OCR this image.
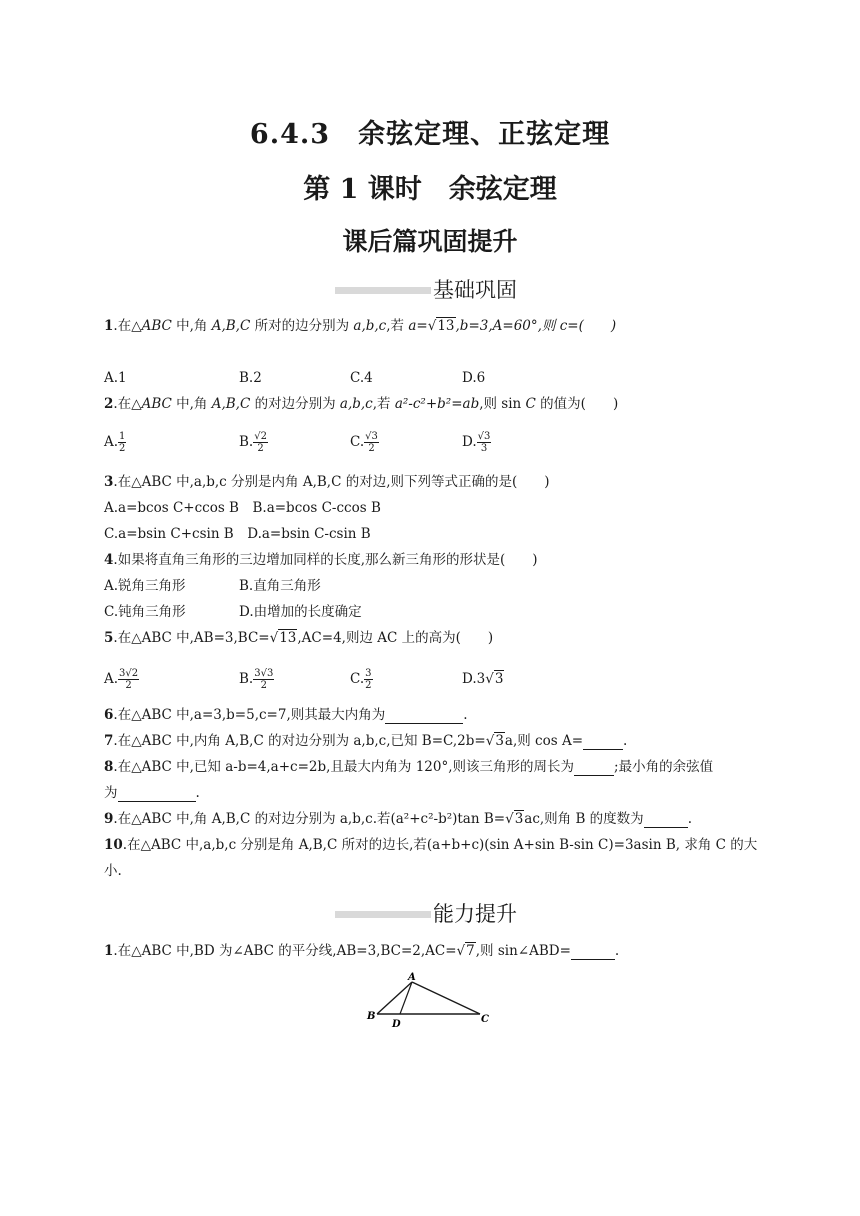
6.4.3　余弦定理、正弦定理
第 1 课时　余弦定理
课后篇巩固提升
基础巩固
1.在△ABC 中,角 A,B,C 所对的边分别为 a,b,c,若 a=√13,b=3,A=60°,则 c=(　　)
A.1	B.2	C.4	D.6
2.在△ABC 中,角 A,B,C 的对边分别为 a,b,c,若 a²-c²+b²=ab,则 sin C 的值为(　　)
A. $\frac{1}{2}$	B. $\frac{√2}{2}$	C. $\frac{√3}{2}$	D. $\frac{√3}{3}$
3.在△ABC 中,a,b,c 分别是内角 A,B,C 的对边,则下列等式正确的是(　　)
A.a=bcos C+ccos B　B.a=bcos C-ccos B
C.a=bsin C+csin B　D.a=bsin C-csin B
4.如果将直角三角形的三边增加同样的长度,那么新三角形的形状是(　　)
A.锐角三角形	B.直角三角形
C.钝角三角形	D.由增加的长度确定
5.在△ABC 中,AB=3,BC=√13,AC=4,则边 AC 上的高为(　　)
A. $\frac{3√2}{2}$	B. $\frac{3√3}{2}$	C. $\frac{3}{2}$	D.3√3
6.在△ABC 中,a=3,b=5,c=7,则其最大内角为	.
7.在△ABC 中,内角 A,B,C 的对边分别为 a,b,c,已知 B=C,2b=√3a,则 cos A=	.
8.在△ABC 中,已知 a-b=4,a+c=2b,且最大内角为 120°,则该三角形的周长为	;最小角的余弦值
为	.
9.在△ABC 中,角 A,B,C 的对边分别为 a,b,c.若(a²+c²-b²)tan B=√3ac,则角 B 的度数为	.
10.在△ABC 中,a,b,c 分别是角 A,B,C 所对的边长,若(a+b+c)(sin A+sin B-sin C)=3asin B, 求角 C 的大
小.
能力提升
1.在△ABC 中,BD 为∠ABC 的平分线,AB=3,BC=2,AC=√7,则 sin∠ABD=	.
A
B	C
D
